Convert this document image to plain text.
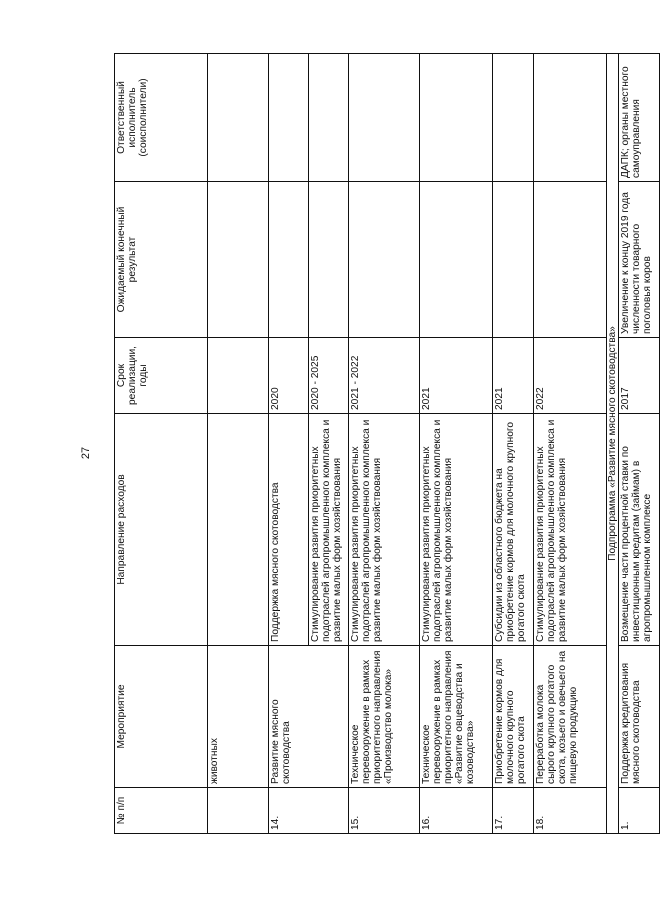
27
№ п/п	Мероприятие	Направление расходов	Срок реализации, годы	Ожидаемый конечный результат	Ответственный исполнитель (соисполнители)
	животных				
14.	Развитие мясного скотоводства	Поддержка мясного скотоводства	2020		
		Стимулирование развития приоритетных подотраслей агропромышленного комплекса и развитие малых форм хозяйствования	2020 - 2025		
15.	Техническое перевооружение в рамках приоритетного направления «Производство молока»	Стимулирование развития приоритетных подотраслей агропромышленного комплекса и развитие малых форм хозяйствования	2021 - 2022		
16.	Техническое перевооружение в рамках приоритетного направления «Развитие овцеводства и козоводства»	Стимулирование развития приоритетных подотраслей агропромышленного комплекса и развитие малых форм хозяйствования	2021		
17.	Приобретение кормов для молочного крупного рогатого скота	Субсидии из областного бюджета на приобретение кормов для молочного крупного рогатого скота	2021		
18.	Переработка молока сырого крупного рогатого скота, козьего и овечьего на пищевую продукцию	Стимулирование развития приоритетных подотраслей агропромышленного комплекса и развитие малых форм хозяйствования	2022		
Подпрограмма «Развитие мясного скотоводства»					
1.	Поддержка кредитования мясного скотоводства	Возмещение части процентной ставки по инвестиционным кредитам (займам) в агропромышленном комплексе	2017	Увеличение к концу 2019 года численности товарного поголовья коров	ДАПК; органы местного самоуправления
